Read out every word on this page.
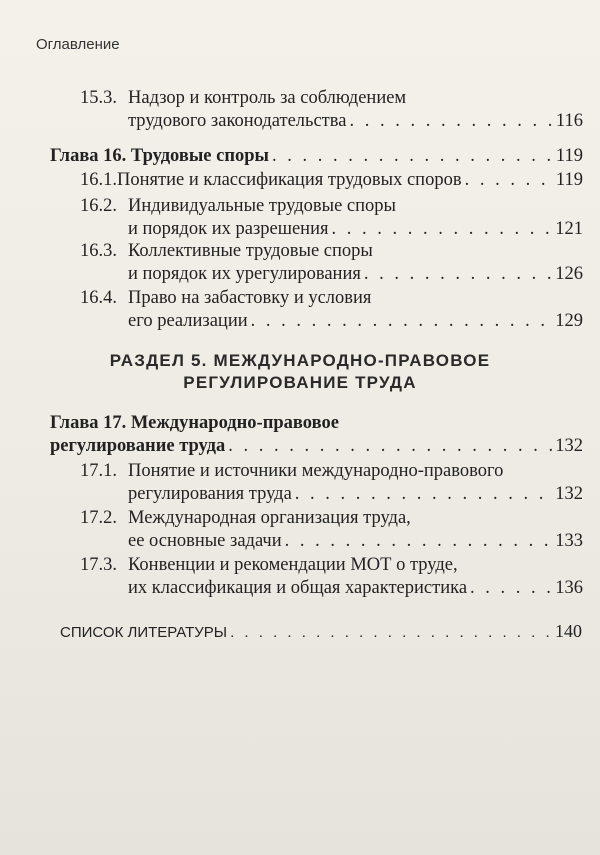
Оглавление
15.3. Надзор и контроль за соблюдением
трудового законодательства . . .	116
Глава 16. Трудовые споры . . .	119
16.1. Понятие и классификация трудовых споров . . .	119
16.2. Индивидуальные трудовые споры
и порядок их разрешения . . .	121
16.3. Коллективные трудовые споры
и порядок их урегулирования . . .	126
16.4. Право на забастовку и условия
его реализации . . .	129
РАЗДЕЛ 5. МЕЖДУНАРОДНО-ПРАВОВОЕ
РЕГУЛИРОВАНИЕ ТРУДА
Глава 17. Международно-правовое
регулирование труда . . .	132
17.1. Понятие и источники международно-правового
регулирования труда . . .	132
17.2. Международная организация труда,
ее основные задачи . . .	133
17.3. Конвенции и рекомендации МОТ о труде,
их классификация и общая характеристика . . .	136
СПИСОК ЛИТЕРАТУРЫ . . .	140
